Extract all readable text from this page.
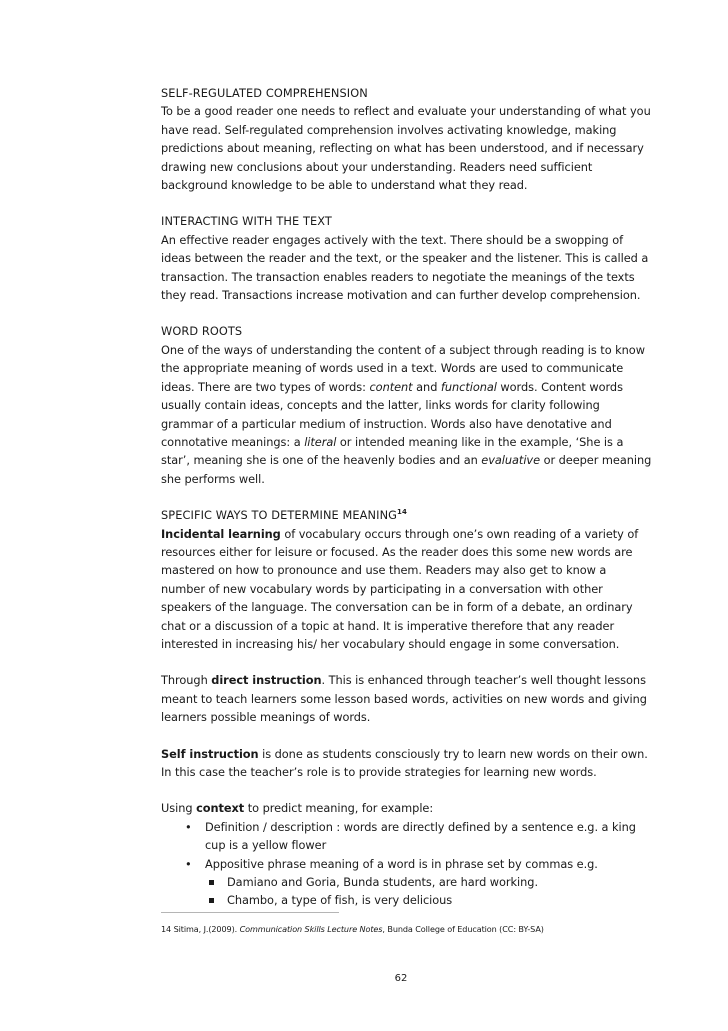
SELF-REGULATED COMPREHENSION

To be a good reader one needs to reflect and evaluate your understanding of what you have read. Self-regulated comprehension involves activating knowledge, making predictions about meaning, reflecting on what has been understood, and if necessary drawing new conclusions about your understanding. Readers need sufficient background knowledge to be able to understand what they read.

INTERACTING WITH THE TEXT

An effective reader engages actively with the text. There should be a swopping of ideas between the reader and the text, or the speaker and the listener. This is called a transaction. The transaction enables readers to negotiate the meanings of the texts they read. Transactions increase motivation and can further develop comprehension.

WORD ROOTS

One of the ways of understanding the content of a subject through reading is to know the appropriate meaning of words used in a text. Words are used to communicate ideas. There are two types of words: content and functional words. Content words usually contain ideas, concepts and the latter, links words for clarity following grammar of a particular medium of instruction. Words also have denotative and connotative meanings: a literal or intended meaning like in the example, ‘She is a star’, meaning she is one of the heavenly bodies and an evaluative or deeper meaning she performs well.

SPECIFIC WAYS TO DETERMINE MEANING$^{14}$

Incidental learning of vocabulary occurs through one’s own reading of a variety of resources either for leisure or focused. As the reader does this some new words are mastered on how to pronounce and use them. Readers may also get to know a number of new vocabulary words by participating in a conversation with other speakers of the language. The conversation can be in form of a debate, an ordinary chat or a discussion of a topic at hand. It is imperative therefore that any reader interested in increasing his/ her vocabulary should engage in some conversation.

Through direct instruction. This is enhanced through teacher’s well thought lessons meant to teach learners some lesson based words, activities on new words and giving learners possible meanings of words.

Self instruction is done as students consciously try to learn new words on their own. In this case the teacher’s role is to provide strategies for learning new words.

Using context to predict meaning, for example:

• Definition / description : words are directly defined by a sentence e.g. a king cup is a yellow flower
• Appositive phrase meaning of a word is in phrase set by commas e.g.
Damiano and Goria, Bunda students, are hard working.
Chambo, a type of fish, is very delicious
14 Sitima, J.(2009). Communication Skills Lecture Notes, Bunda College of Education (CC: BY-SA)
62
